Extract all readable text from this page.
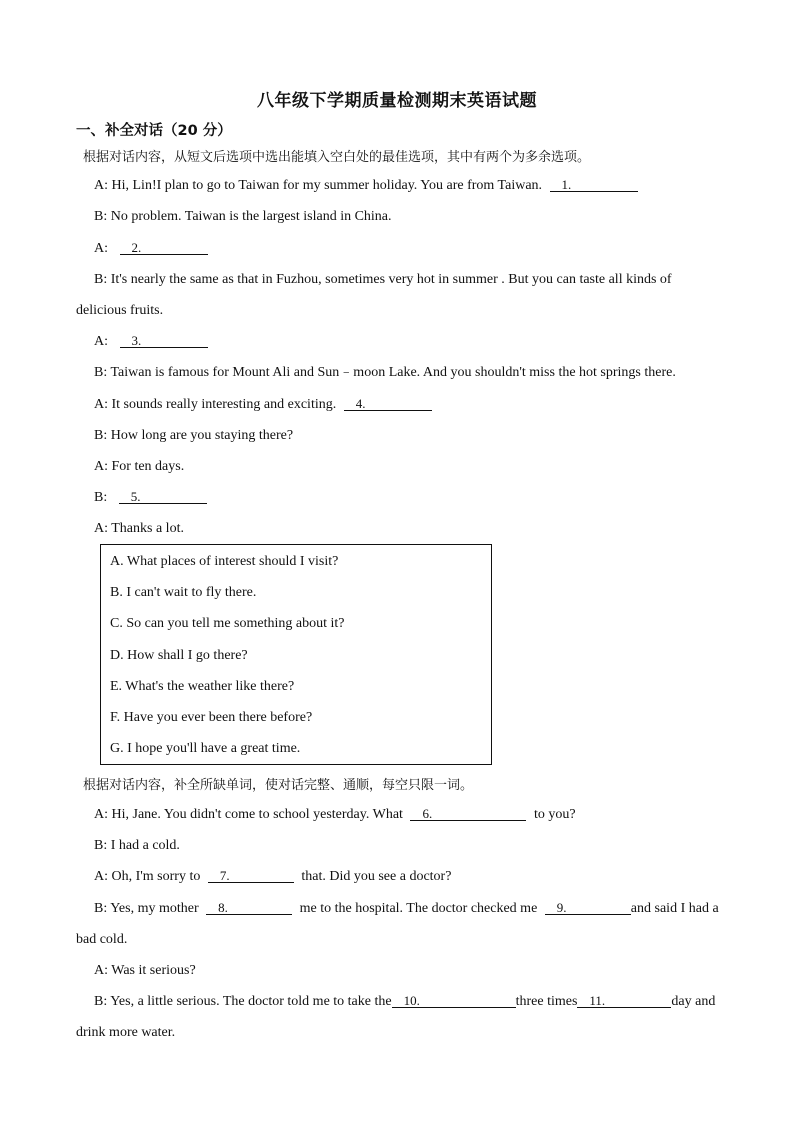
八年级下学期质量检测期末英语试题
一、补全对话（20 分）
根据对话内容，从短文后选项中选出能填入空白处的最佳选项，其中有两个为多余选项。
A: Hi, Lin!I plan to go to Taiwan for my summer holiday. You are from Taiwan. 1.
B: No problem. Taiwan is the largest island in China.
A: 2.
B: It's nearly the same as that in Fuzhou, sometimes very hot in summer . But you can taste all kinds of
delicious fruits.
A: 3.
B: Taiwan is famous for Mount Ali and Sun﹣moon Lake. And you shouldn't miss the hot springs there.
A: It sounds really interesting and exciting. 4.
B: How long are you staying there?
A: For ten days.
B: 5.
A: Thanks a lot.
A. What places of interest should I visit?
B. I can't wait to fly there.
C. So can you tell me something about it?
D. How shall I go there?
E. What's the weather like there?
F. Have you ever been there before?
G. I hope you'll have a great time.
根据对话内容，补全所缺单词，使对话完整、通顺，每空只限一词。
A: Hi, Jane. You didn't come to school yesterday. What 6.	to you?
B: I had a cold.
A: Oh, I'm sorry to 7.	that. Did you see a doctor?
B: Yes, my mother 8.	me to the hospital. The doctor checked me 9.	and said I had a
bad cold.
A: Was it serious?
B: Yes, a little serious. The doctor told me to take the 10.	three times 11.	day and
drink more water.
